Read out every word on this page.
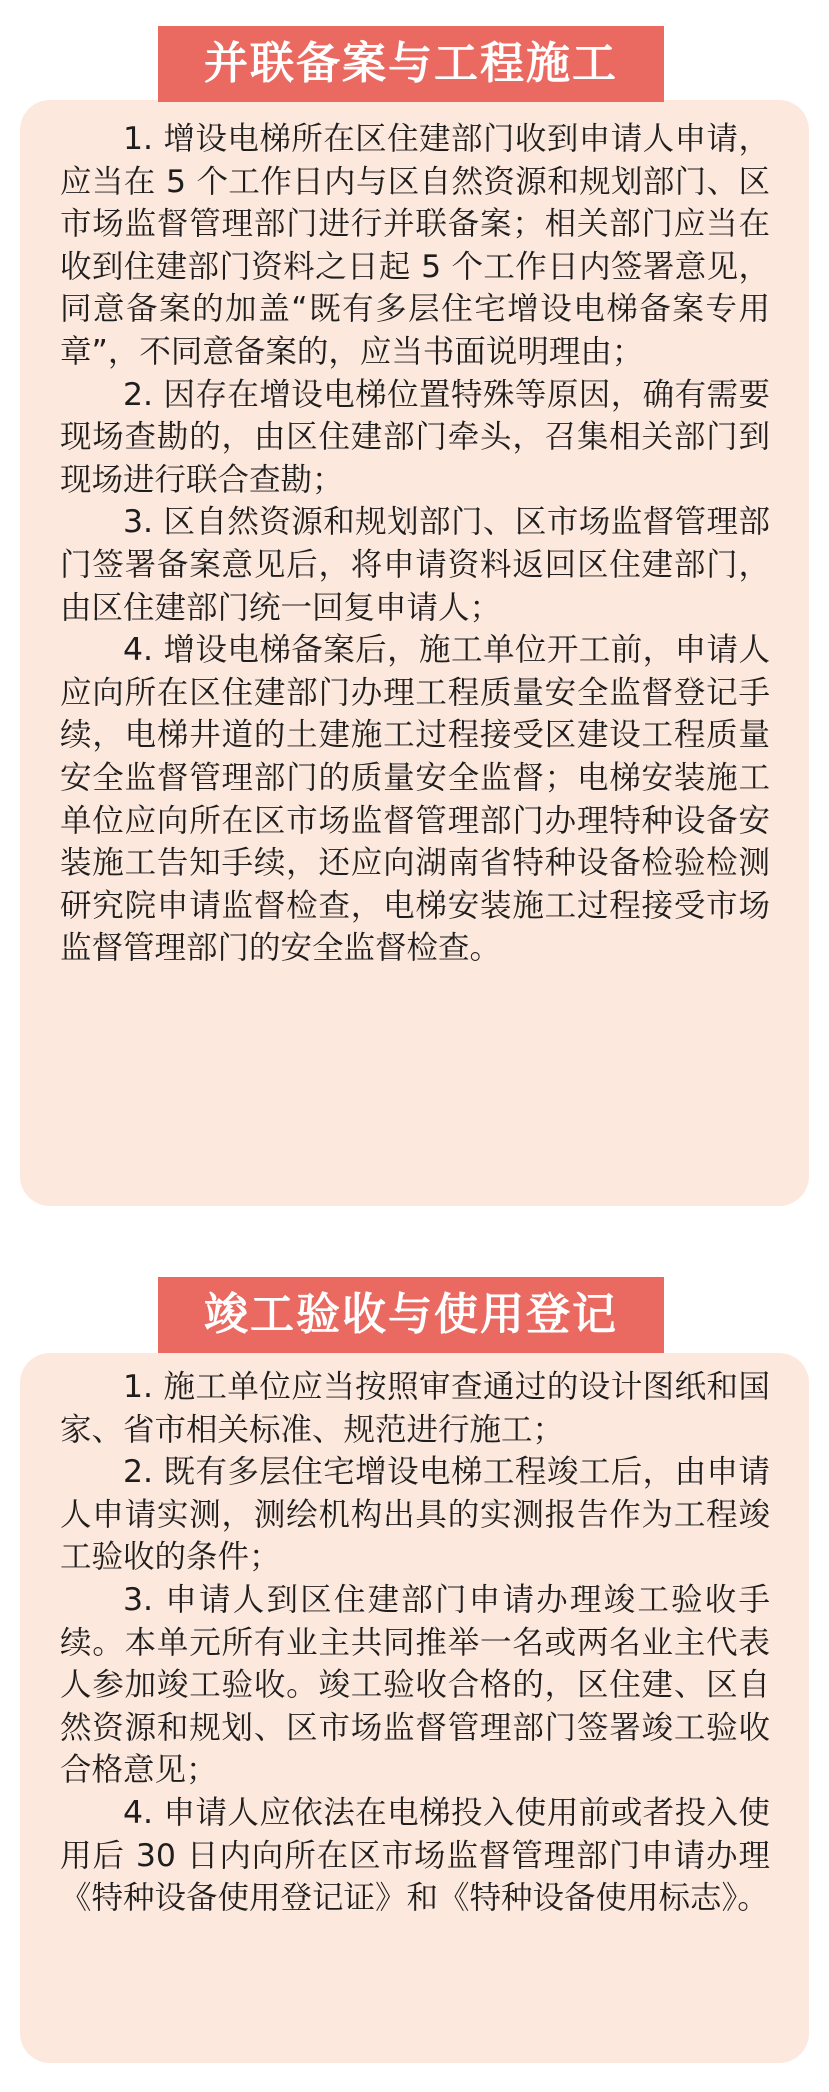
并联备案与工程施工

1. 增设电梯所在区住建部门收到申请人申请，应当在 5 个工作日内与区自然资源和规划部门、区市场监督管理部门进行并联备案；相关部门应当在收到住建部门资料之日起 5 个工作日内签署意见，同意备案的加盖“既有多层住宅增设电梯备案专用章”，不同意备案的，应当书面说明理由；

2. 因存在增设电梯位置特殊等原因，确有需要现场查勘的，由区住建部门牵头，召集相关部门到现场进行联合查勘；

3. 区自然资源和规划部门、区市场监督管理部门签署备案意见后，将申请资料返回区住建部门，由区住建部门统一回复申请人；

4. 增设电梯备案后，施工单位开工前，申请人应向所在区住建部门办理工程质量安全监督登记手续，电梯井道的土建施工过程接受区建设工程质量安全监督管理部门的质量安全监督；电梯安装施工单位应向所在区市场监督管理部门办理特种设备安装施工告知手续，还应向湖南省特种设备检验检测研究院申请监督检查，电梯安装施工过程接受市场监督管理部门的安全监督检查。

竣工验收与使用登记

1. 施工单位应当按照审查通过的设计图纸和国家、省市相关标准、规范进行施工；

2. 既有多层住宅增设电梯工程竣工后，由申请人申请实测，测绘机构出具的实测报告作为工程竣工验收的条件；

3. 申请人到区住建部门申请办理竣工验收手续。本单元所有业主共同推举一名或两名业主代表人参加竣工验收。竣工验收合格的，区住建、区自然资源和规划、区市场监督管理部门签署竣工验收合格意见；

4. 申请人应依法在电梯投入使用前或者投入使用后 30 日内向所在区市场监督管理部门申请办理《特种设备使用登记证》和《特种设备使用标志》。
